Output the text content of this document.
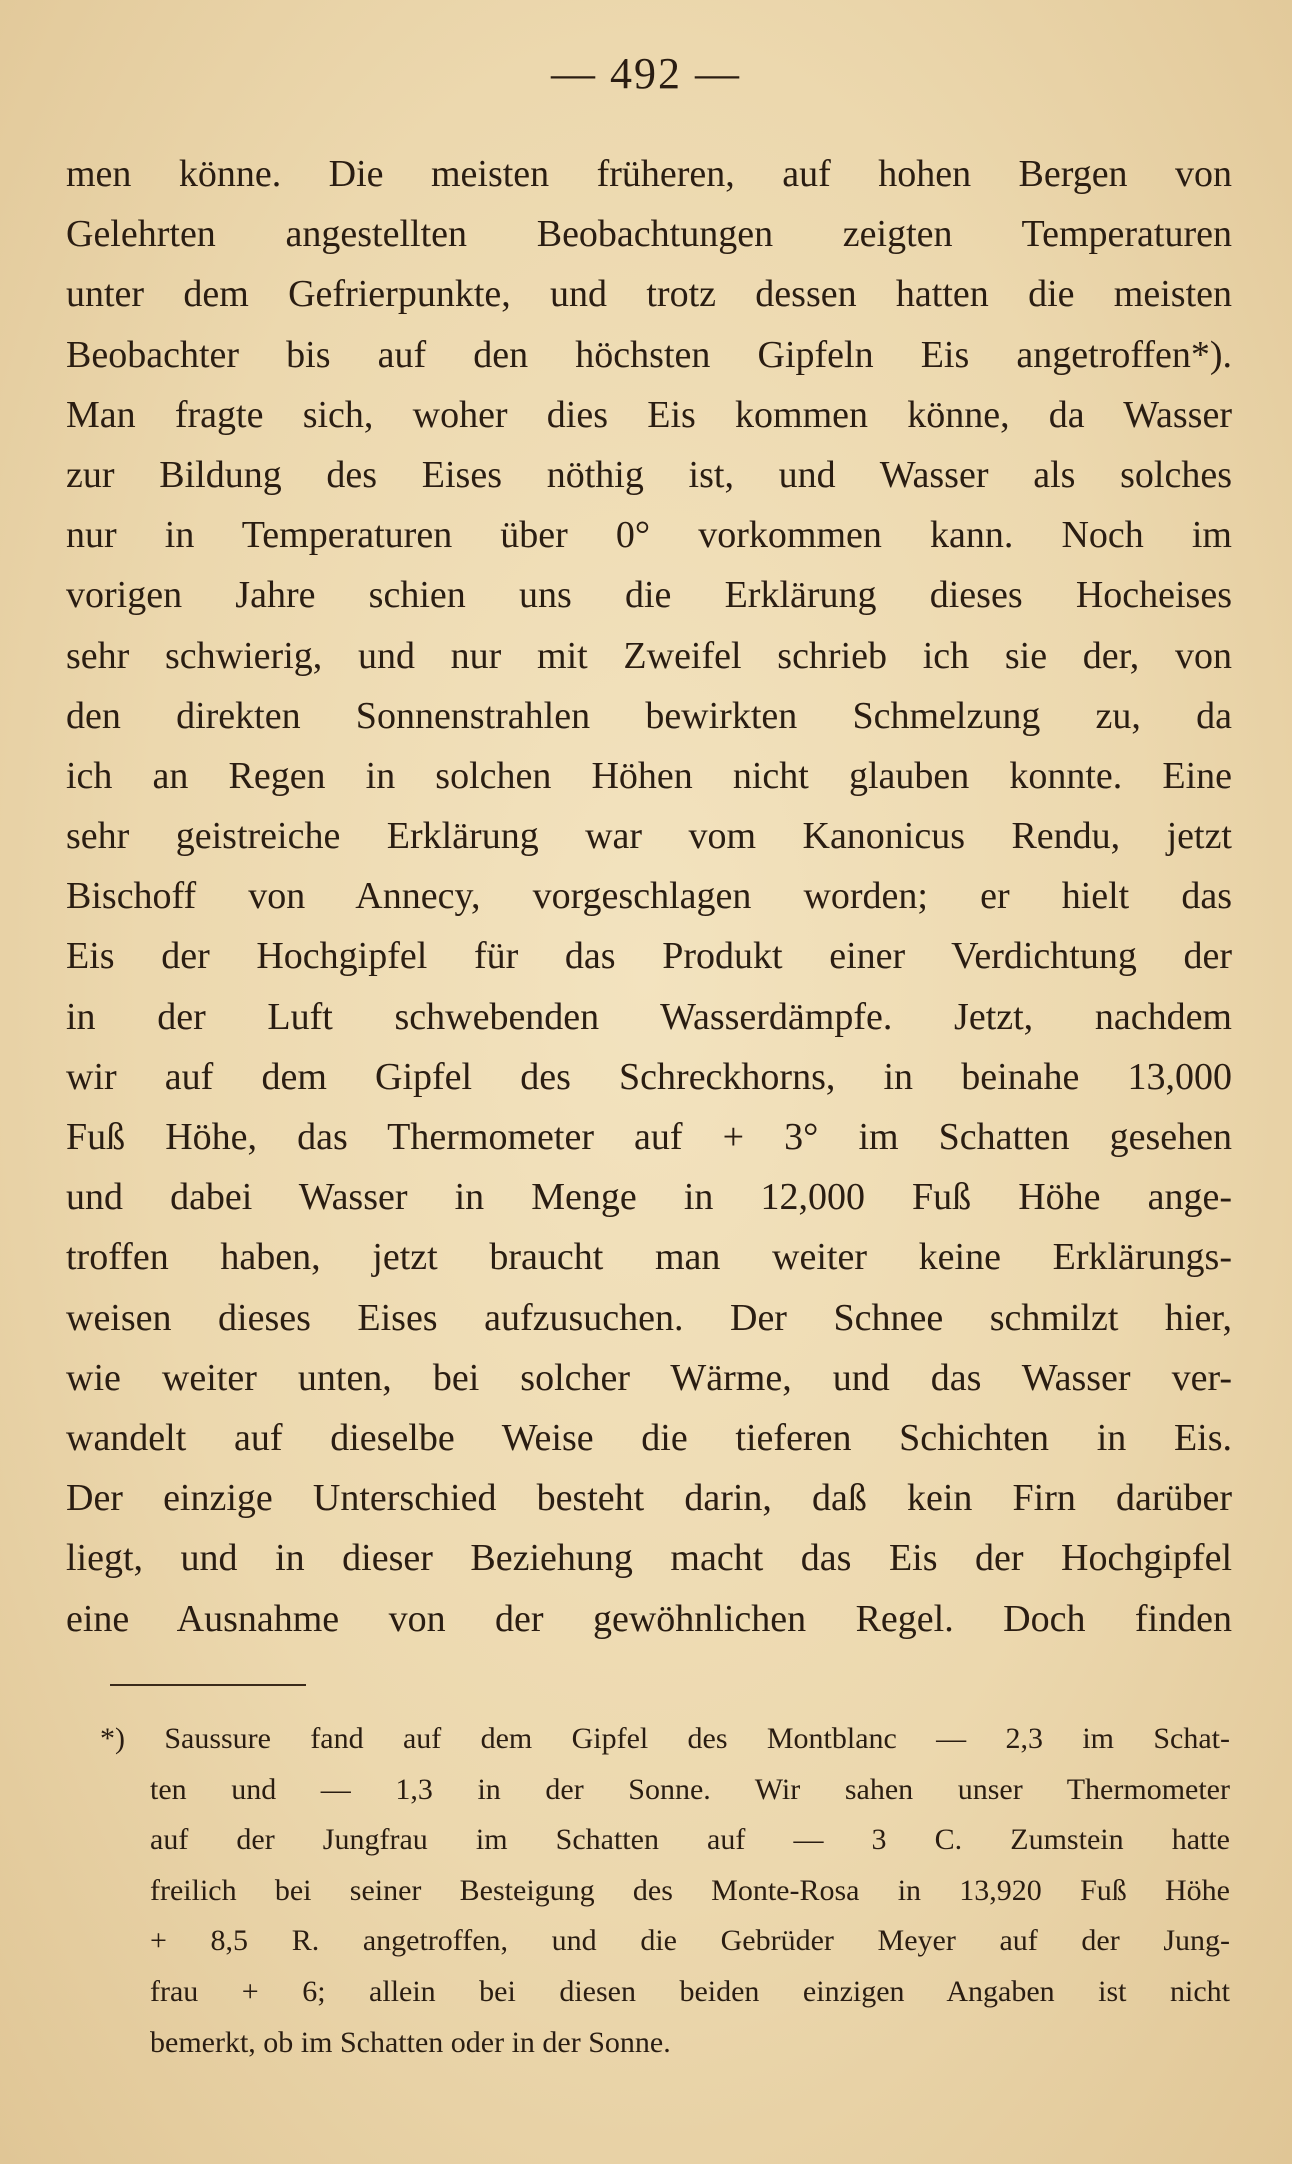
— 492 —
men könne. Die meisten früheren, auf hohen Bergen von
Gelehrten angestellten Beobachtungen zeigten Temperaturen
unter dem Gefrierpunkte, und trotz dessen hatten die meisten
Beobachter bis auf den höchsten Gipfeln Eis angetroffen*).
Man fragte sich, woher dies Eis kommen könne, da Wasser
zur Bildung des Eises nöthig ist, und Wasser als solches
nur in Temperaturen über 0° vorkommen kann. Noch im
vorigen Jahre schien uns die Erklärung dieses Hocheises
sehr schwierig, und nur mit Zweifel schrieb ich sie der, von
den direkten Sonnenstrahlen bewirkten Schmelzung zu, da
ich an Regen in solchen Höhen nicht glauben konnte. Eine
sehr geistreiche Erklärung war vom Kanonicus Rendu, jetzt
Bischoff von Annecy, vorgeschlagen worden; er hielt das
Eis der Hochgipfel für das Produkt einer Verdichtung der
in der Luft schwebenden Wasserdämpfe. Jetzt, nachdem
wir auf dem Gipfel des Schreckhorns, in beinahe 13,000
Fuß Höhe, das Thermometer auf + 3° im Schatten gesehen
und dabei Wasser in Menge in 12,000 Fuß Höhe ange-
troffen haben, jetzt braucht man weiter keine Erklärungs-
weisen dieses Eises aufzusuchen. Der Schnee schmilzt hier,
wie weiter unten, bei solcher Wärme, und das Wasser ver-
wandelt auf dieselbe Weise die tieferen Schichten in Eis.
Der einzige Unterschied besteht darin, daß kein Firn darüber
liegt, und in dieser Beziehung macht das Eis der Hochgipfel
eine Ausnahme von der gewöhnlichen Regel. Doch finden
*) Saussure fand auf dem Gipfel des Montblanc — 2,3 im Schat-
ten und — 1,3 in der Sonne. Wir sahen unser Thermometer
auf der Jungfrau im Schatten auf — 3 C. Zumstein hatte
freilich bei seiner Besteigung des Monte-Rosa in 13,920 Fuß Höhe
+ 8,5 R. angetroffen, und die Gebrüder Meyer auf der Jung-
frau + 6; allein bei diesen beiden einzigen Angaben ist nicht
bemerkt, ob im Schatten oder in der Sonne.
